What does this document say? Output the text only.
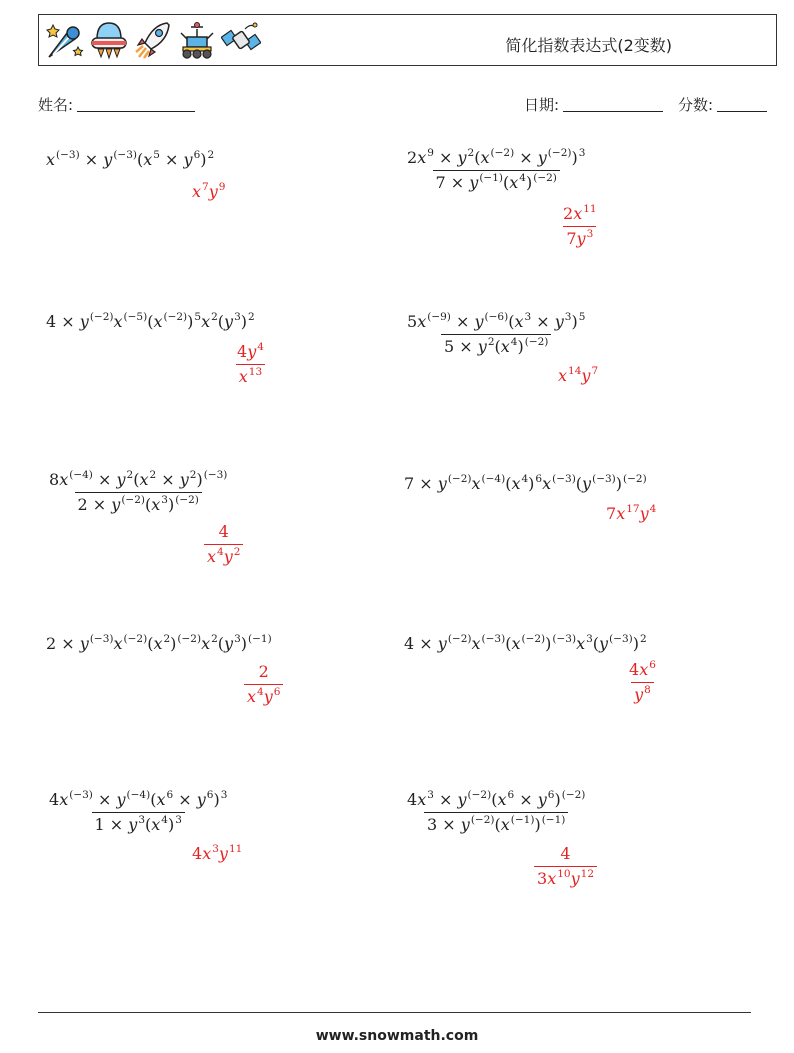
简化指数表达式(2变数)
姓名:	日期:	分数:
$x^{(-3)} \times y^{(-3)}(x^5 \times y^6)^2$
$x^7y^9$	$\frac{2x^9 \times y^2(x^{(-2)} \times y^{(-2)})^3}{7 \times y^{(-1)}(x^4)^{(-2)}}$
$\frac{2x^{11}}{7y^3}$
$4 \times y^{(-2)}x^{(-5)}(x^{(-2)})^5x^2(y^3)^2$
$\frac{4y^4}{x^{13}}$
$\frac{5x^{(-9)} \times y^{(-6)}(x^3 \times y^3)^5}{5 \times y^2(x^4)^{(-2)}}$
$x^{14}y^7$
$\frac{8x^{(-4)} \times y^2(x^2 \times y^2)^{(-3)}}{2 \times y^{(-2)}(x^3)^{(-2)}}$
$\frac{4}{x^4y^2}$
$7 \times y^{(-2)}x^{(-4)}(x^4)^6x^{(-3)}(y^{(-3)})^{(-2)}$
$7x^{17}y^4$
$2 \times y^{(-3)}x^{(-2)}(x^2)^{(-2)}x^2(y^3)^{(-1)}$
$\frac{2}{x^4y^6}$
$4 \times y^{(-2)}x^{(-3)}(x^{(-2)})^{(-3)}x^3(y^{(-3)})^2$
$\frac{4x^6}{y^8}$
$\frac{4x^{(-3)} \times y^{(-4)}(x^6 \times y^6)^3}{1 \times y^3(x^4)^3}$
$4x^3y^{11}$
$\frac{4x^3 \times y^{(-2)}(x^6 \times y^6)^{(-2)}}{3 \times y^{(-2)}(x^{(-1)})^{(-1)}}$
$\frac{4}{3x^{10}y^{12}}$
www.snowmath.com
